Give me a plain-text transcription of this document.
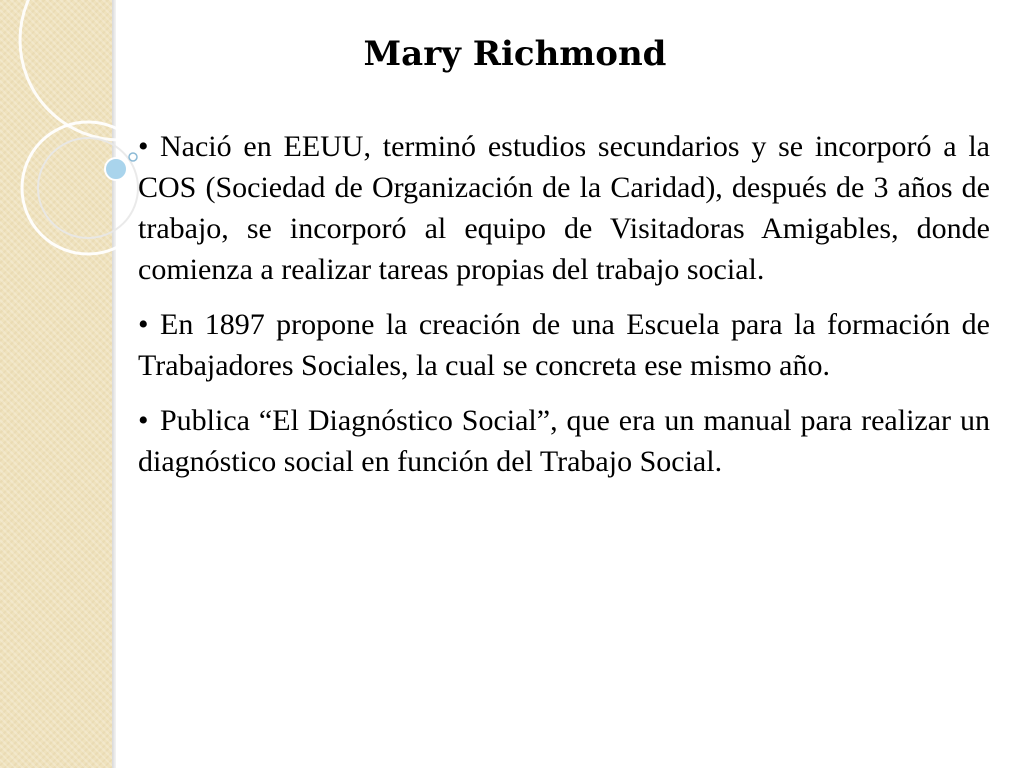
Mary Richmond
• Nació en EEUU, terminó estudios secundarios y se incorporó a la COS (Sociedad de Organización de la Caridad), después de 3 años de trabajo, se incorporó al equipo de Visitadoras Amigables, donde comienza a realizar tareas propias del trabajo social.
• En 1897 propone la creación de una Escuela para la formación de Trabajadores Sociales, la cual se concreta ese mismo año.
• Publica “El Diagnóstico Social”, que era un manual para realizar un diagnóstico social en función del Trabajo Social.
